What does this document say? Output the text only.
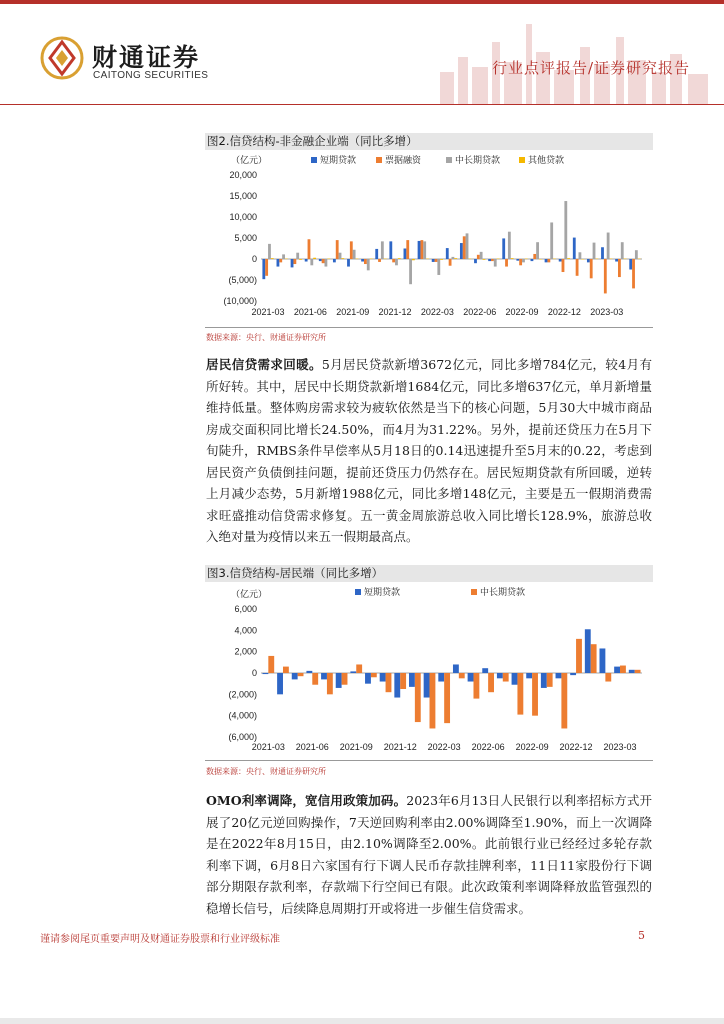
财通证券
CAITONG SECURITIES	行业点评报告/证券研究报告
图2.信贷结构-非金融企业端（同比多增）
（亿元）	短期贷款	票据融资	中长期贷款	其他贷款
20,000
15,000
10,000
5,000
0
(5,000)
(10,000)
2021-03 2021-06 2021-09 2021-12 2022-03 2022-06 2022-09 2022-12 2023-03
数据来源：央行、财通证券研究所
居民信贷需求回暖。5月居民贷款新增3672亿元，同比多增784亿元，较4月有所好转。其中，居民中长期贷款新增1684亿元，同比多增637亿元，单月新增量维持低量。整体购房需求较为疲软依然是当下的核心问题，5月30大中城市商品房成交面积同比增长24.50%，而4月为31.22%。另外，提前还贷压力在5月下旬陡升，RMBS条件早偿率从5月18日的0.14迅速提升至5月末的0.22，考虑到居民资产负债倒挂问题，提前还贷压力仍然存在。居民短期贷款有所回暖，逆转上月减少态势，5月新增1988亿元，同比多增148亿元，主要是五一假期消费需求旺盛推动信贷需求修复。五一黄金周旅游总收入同比增长128.9%，旅游总收入绝对量为疫情以来五一假期最高点。
图3.信贷结构-居民端（同比多增）
（亿元）	短期贷款	中长期贷款
6,000
4,000
2,000
0
(2,000)
(4,000)
(6,000)
2021-03 2021-06 2021-09 2021-12 2022-03 2022-06 2022-09 2022-12 2023-03
数据来源：央行、财通证券研究所
OMO利率调降，宽信用政策加码。2023年6月13日人民银行以利率招标方式开展了20亿元逆回购操作，7天逆回购利率由2.00%调降至1.90%，而上一次调降是在2022年8月15日，由2.10%调降至2.00%。此前银行业已经经过多轮存款利率下调，6月8日六家国有行下调人民币存款挂牌利率，11日11家股份行下调部分期限存款利率，存款端下行空间已有限。此次政策利率调降释放监管强烈的稳增长信号，后续降息周期打开或将进一步催生信贷需求。
谨请参阅尾页重要声明及财通证券股票和行业评级标准	5
